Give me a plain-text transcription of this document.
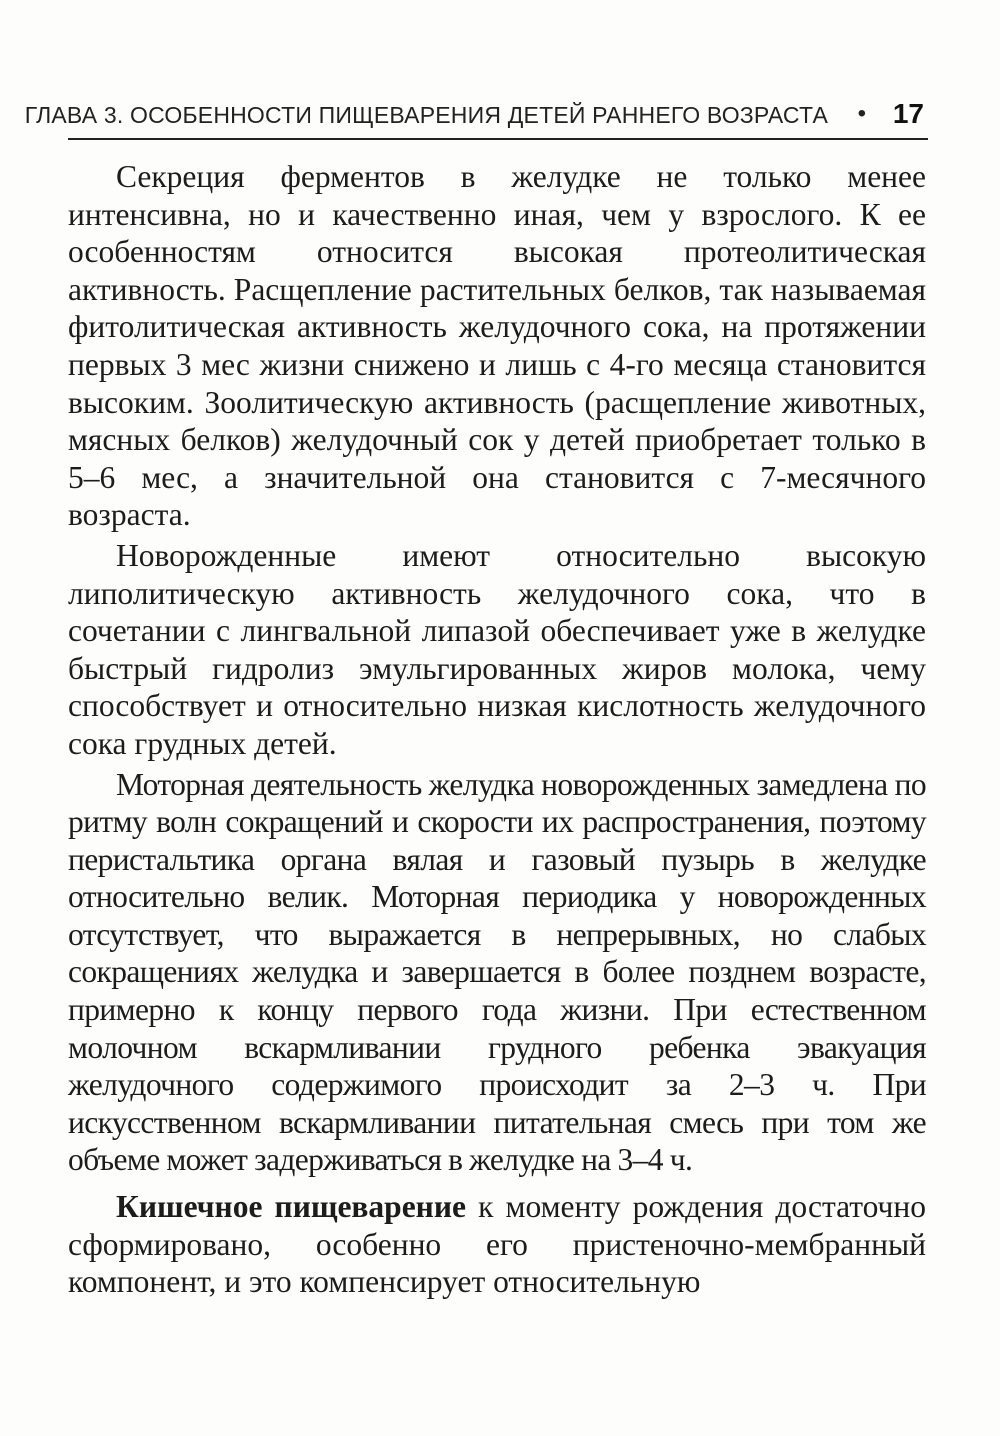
ГЛАВА 3. ОСОБЕННОСТИ ПИЩЕВАРЕНИЯ ДЕТЕЙ РАННЕГО ВОЗРАСТА • 17

Секреция ферментов в желудке не только менее интенсивна, но и качественно иная, чем у взрослого. К ее особенностям относится высокая протеолитическая активность. Расщепление растительных белков, так называемая фитолитическая активность желудочного сока, на протяжении первых 3 мес жизни снижено и лишь с 4-го месяца становится высоким. Зоолитическую активность (расщепление животных, мясных белков) желудочный сок у детей приобретает только в 5–6 мес, а значительной она становится с 7-месячного возраста.

Новорожденные имеют относительно высокую липолитическую активность желудочного сока, что в сочетании с лингвальной липазой обеспечивает уже в желудке быстрый гидролиз эмульгированных жиров молока, чему способствует и относительно низкая кислотность желудочного сока грудных детей.

Моторная деятельность желудка новорожденных замедлена по ритму волн сокращений и скорости их распространения, поэтому перистальтика органа вялая и газовый пузырь в желудке относительно велик. Моторная периодика у новорожденных отсутствует, что выражается в непрерывных, но слабых сокращениях желудка и завершается в более позднем возрасте, примерно к концу первого года жизни. При естественном молочном вскармливании грудного ребенка эвакуация желудочного содержимого происходит за 2–3 ч. При искусственном вскармливании питательная смесь при том же объеме может задерживаться в желудке на 3–4 ч.

Кишечное пищеварение к моменту рождения достаточно сформировано, особенно его пристеночно-мембранный компонент, и это компенсирует относительную
